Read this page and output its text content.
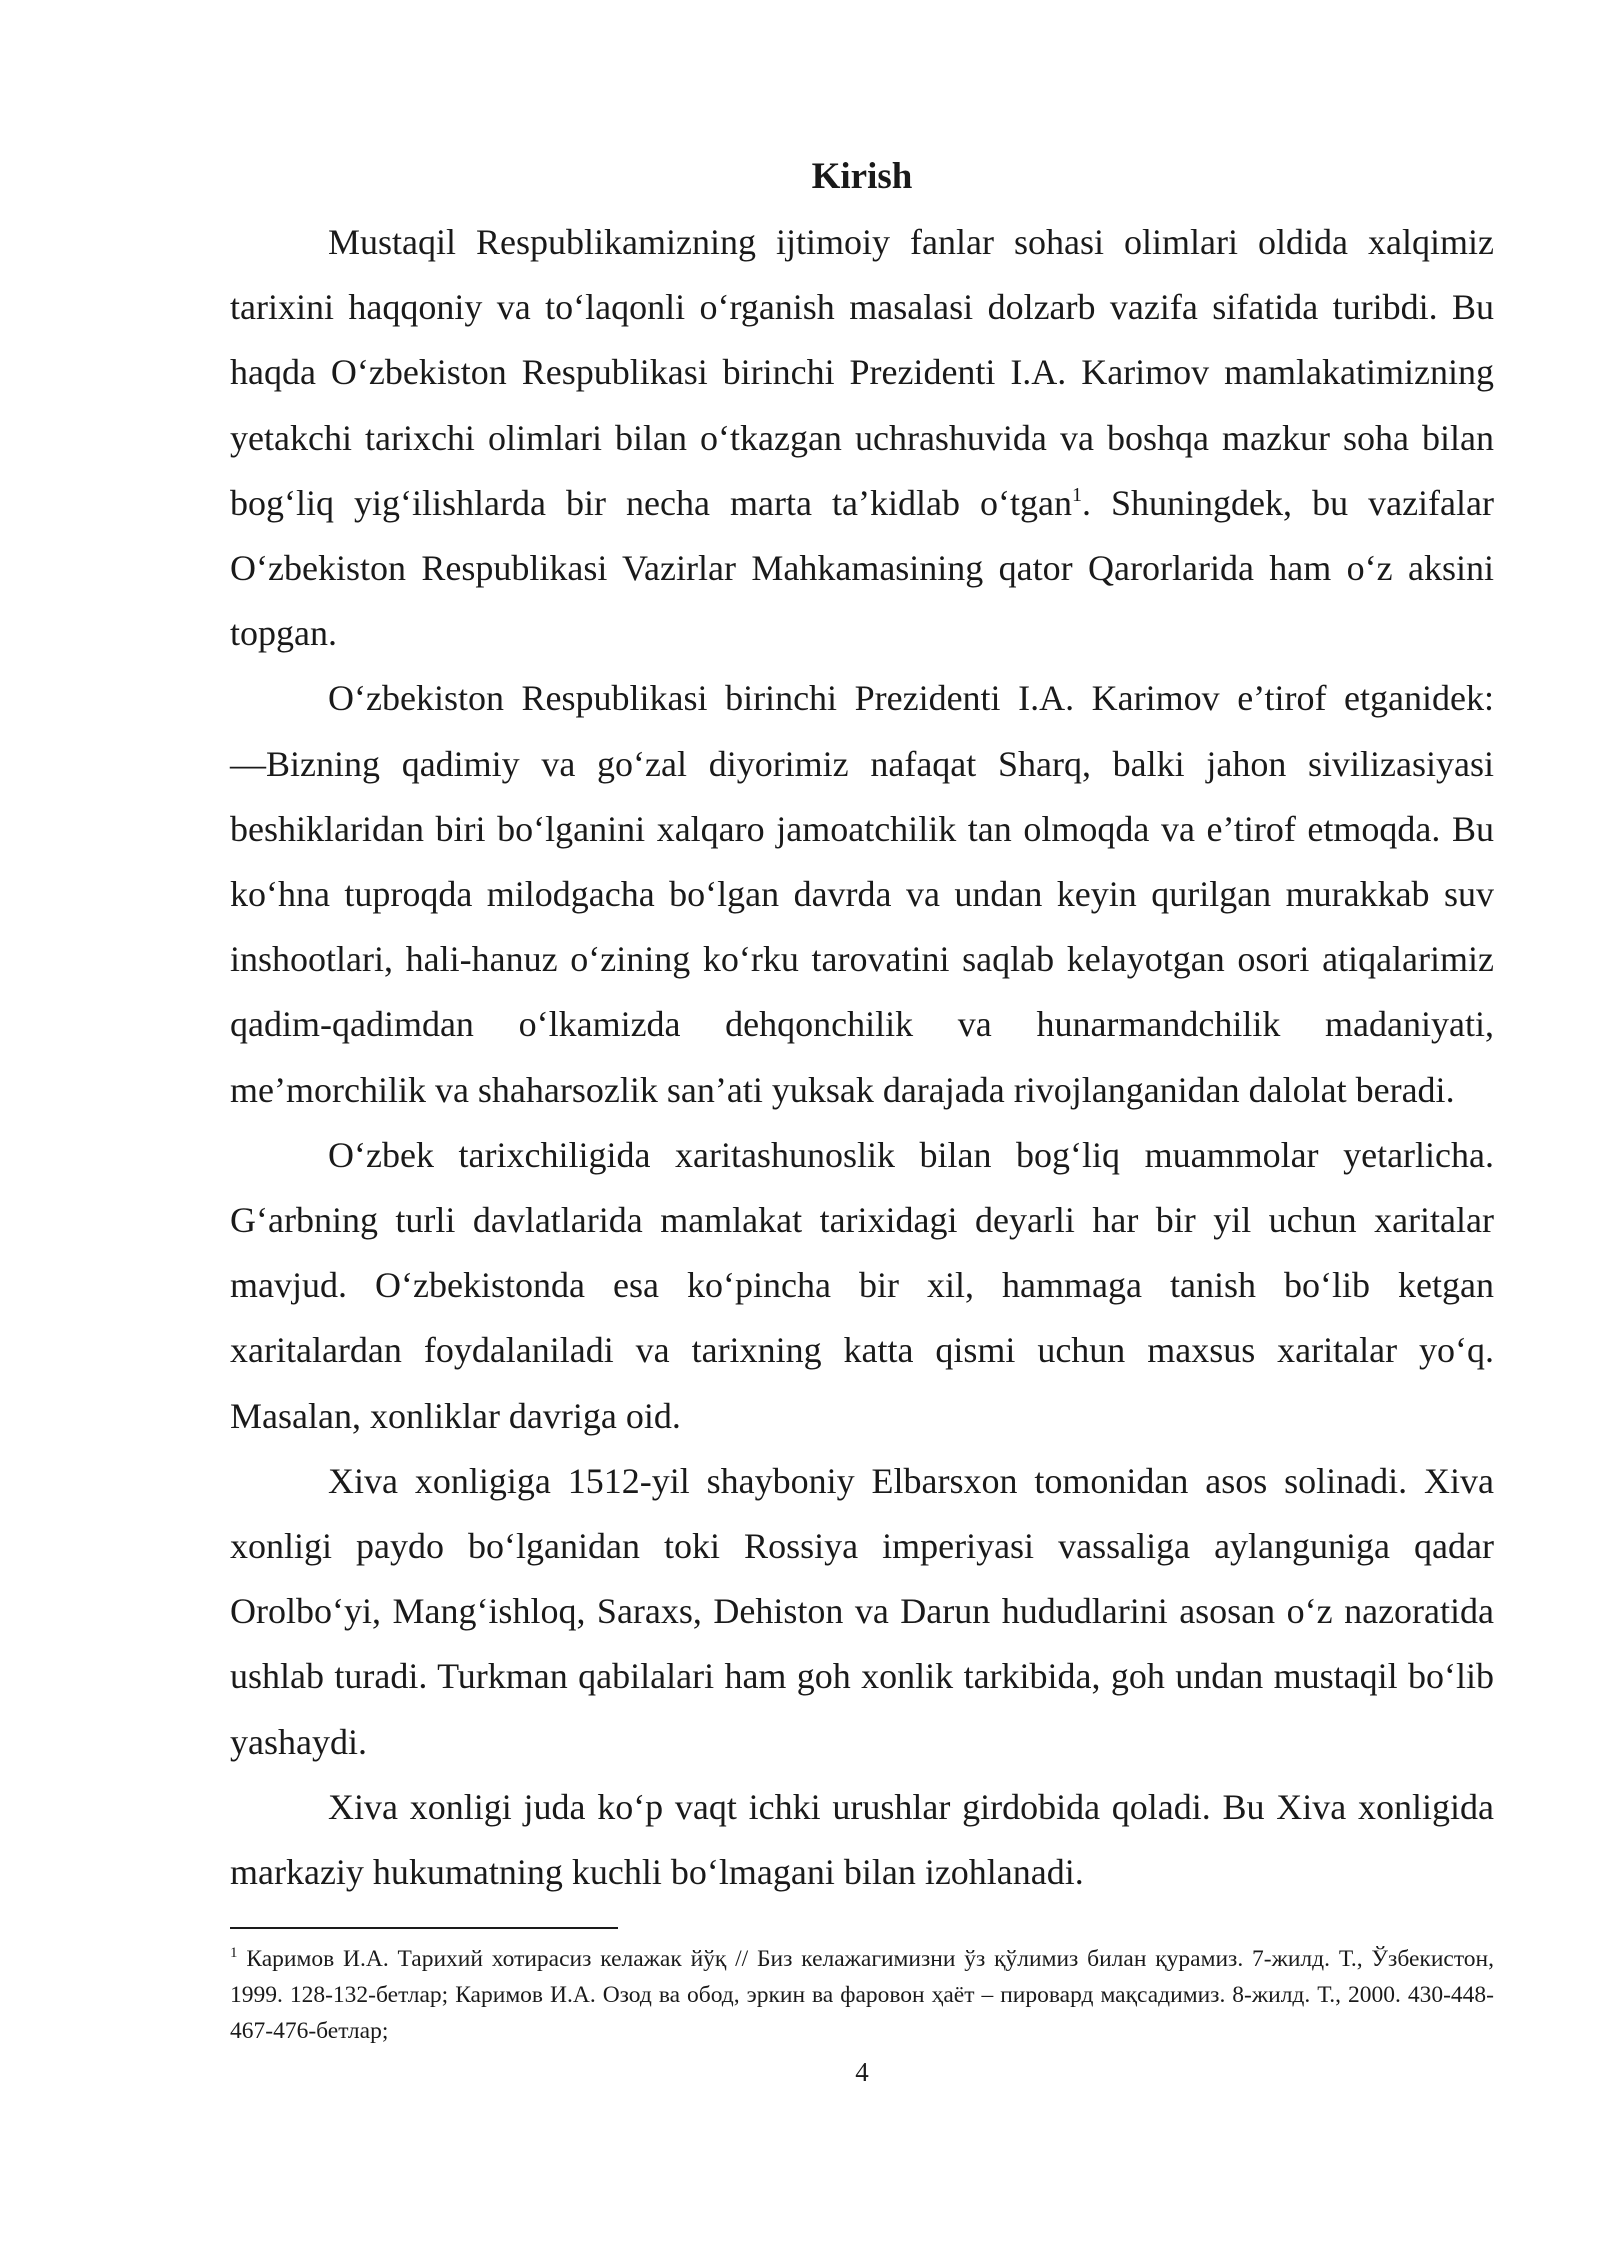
Kirish

Mustaqil Respublikamizning ijtimoiy fanlar sohasi olimlari oldida xalqimiz tarixini haqqoniy va to‘laqonli o‘rganish masalasi dolzarb vazifa sifatida turibdi. Bu haqda O‘zbekiston Respublikasi birinchi Prezidenti I.A. Karimov mamlakatimizning yetakchi tarixchi olimlari bilan o‘tkazgan uchrashuvida va boshqa mazkur soha bilan bog‘liq yig‘ilishlarda bir necha marta ta’kidlab o‘tgan$^1$. Shuningdek, bu vazifalar O‘zbekiston Respublikasi Vazirlar Mahkamasining qator Qarorlarida ham o‘z aksini topgan.

O‘zbekiston Respublikasi birinchi Prezidenti I.A. Karimov e’tirof etganidek: ―Bizning qadimiy va go‘zal diyorimiz nafaqat Sharq, balki jahon sivilizasiyasi beshiklaridan biri bo‘lganini xalqaro jamoatchilik tan olmoqda va e’tirof etmoqda. Bu ko‘hna tuproqda milodgacha bo‘lgan davrda va undan keyin qurilgan murakkab suv inshootlari, hali-hanuz o‘zining ko‘rku tarovatini saqlab kelayotgan osori atiqalarimiz qadim-qadimdan o‘lkamizda dehqonchilik va hunarmandchilik madaniyati, me’morchilik va shaharsozlik san’ati yuksak darajada rivojlanganidan dalolat beradi.

O‘zbek tarixchiligida xaritashunoslik bilan bog‘liq muammolar yetarlicha. G‘arbning turli davlatlarida mamlakat tarixidagi deyarli har bir yil uchun xaritalar mavjud. O‘zbekistonda esa ko‘pincha bir xil, hammaga tanish bo‘lib ketgan xaritalardan foydalaniladi va tarixning katta qismi uchun maxsus xaritalar yo‘q. Masalan, xonliklar davriga oid.

Xiva xonligiga 1512-yil shayboniy Elbarsxon tomonidan asos solinadi. Xiva xonligi paydo bo‘lganidan toki Rossiya imperiyasi vassaliga aylanguniga qadar Orolbo‘yi, Mang‘ishloq, Saraxs, Dehiston va Darun hududlarini asosan o‘z nazoratida ushlab turadi. Turkman qabilalari ham goh xonlik tarkibida, goh undan mustaqil bo‘lib yashaydi.

Xiva xonligi juda ko‘p vaqt ichki urushlar girdobida qoladi. Bu Xiva xonligida markaziy hukumatning kuchli bo‘lmagani bilan izohlanadi.

$^1$ Каримов И.А. Тарихий хотирасиз келажак йўқ // Биз келажагимизни ўз қўлимиз билан қурамиз. 7-жилд. Т., Ўзбекистон, 1999. 128-132-бетлар; Каримов И.А. Озод ва обод, эркин ва фаровон ҳаёт – пировард мақсадимиз. 8-жилд. Т., 2000. 430-448-467-476-бетлар;

4
